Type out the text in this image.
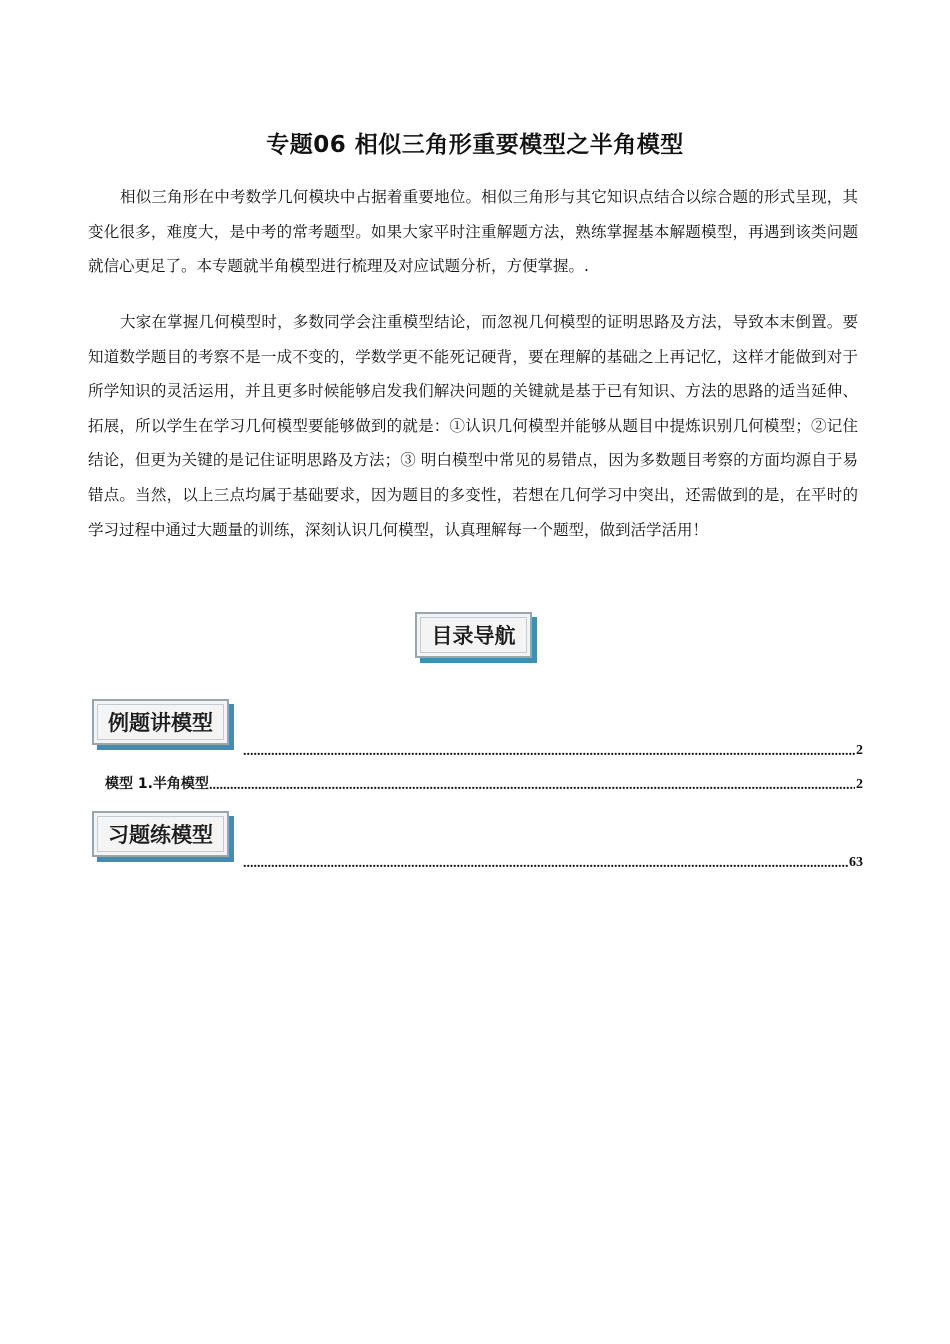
专题06 相似三角形重要模型之半角模型

相似三角形在中考数学几何模块中占据着重要地位。相似三角形与其它知识点结合以综合题的形式呈现，其变化很多，难度大，是中考的常考题型。如果大家平时注重解题方法，熟练掌握基本解题模型，再遇到该类问题就信心更足了。本专题就半角模型进行梳理及对应试题分析，方便掌握。.

大家在掌握几何模型时，多数同学会注重模型结论，而忽视几何模型的证明思路及方法，导致本末倒置。要知道数学题目的考察不是一成不变的，学数学更不能死记硬背，要在理解的基础之上再记忆，这样才能做到对于所学知识的灵活运用，并且更多时候能够启发我们解决问题的关键就是基于已有知识、方法的思路的适当延伸、拓展，所以学生在学习几何模型要能够做到的就是：①认识几何模型并能够从题目中提炼识别几何模型；②记住结论，但更为关键的是记住证明思路及方法；③ 明白模型中常见的易错点，因为多数题目考察的方面均源自于易错点。当然，以上三点均属于基础要求，因为题目的多变性，若想在几何学习中突出，还需做到的是，在平时的学习过程中通过大题量的训练，深刻认识几何模型，认真理解每一个题型，做到活学活用！

目录导航
例题讲模型
.....
2
模型 1.半角模型
.....	2
习题练模型
.....
63
